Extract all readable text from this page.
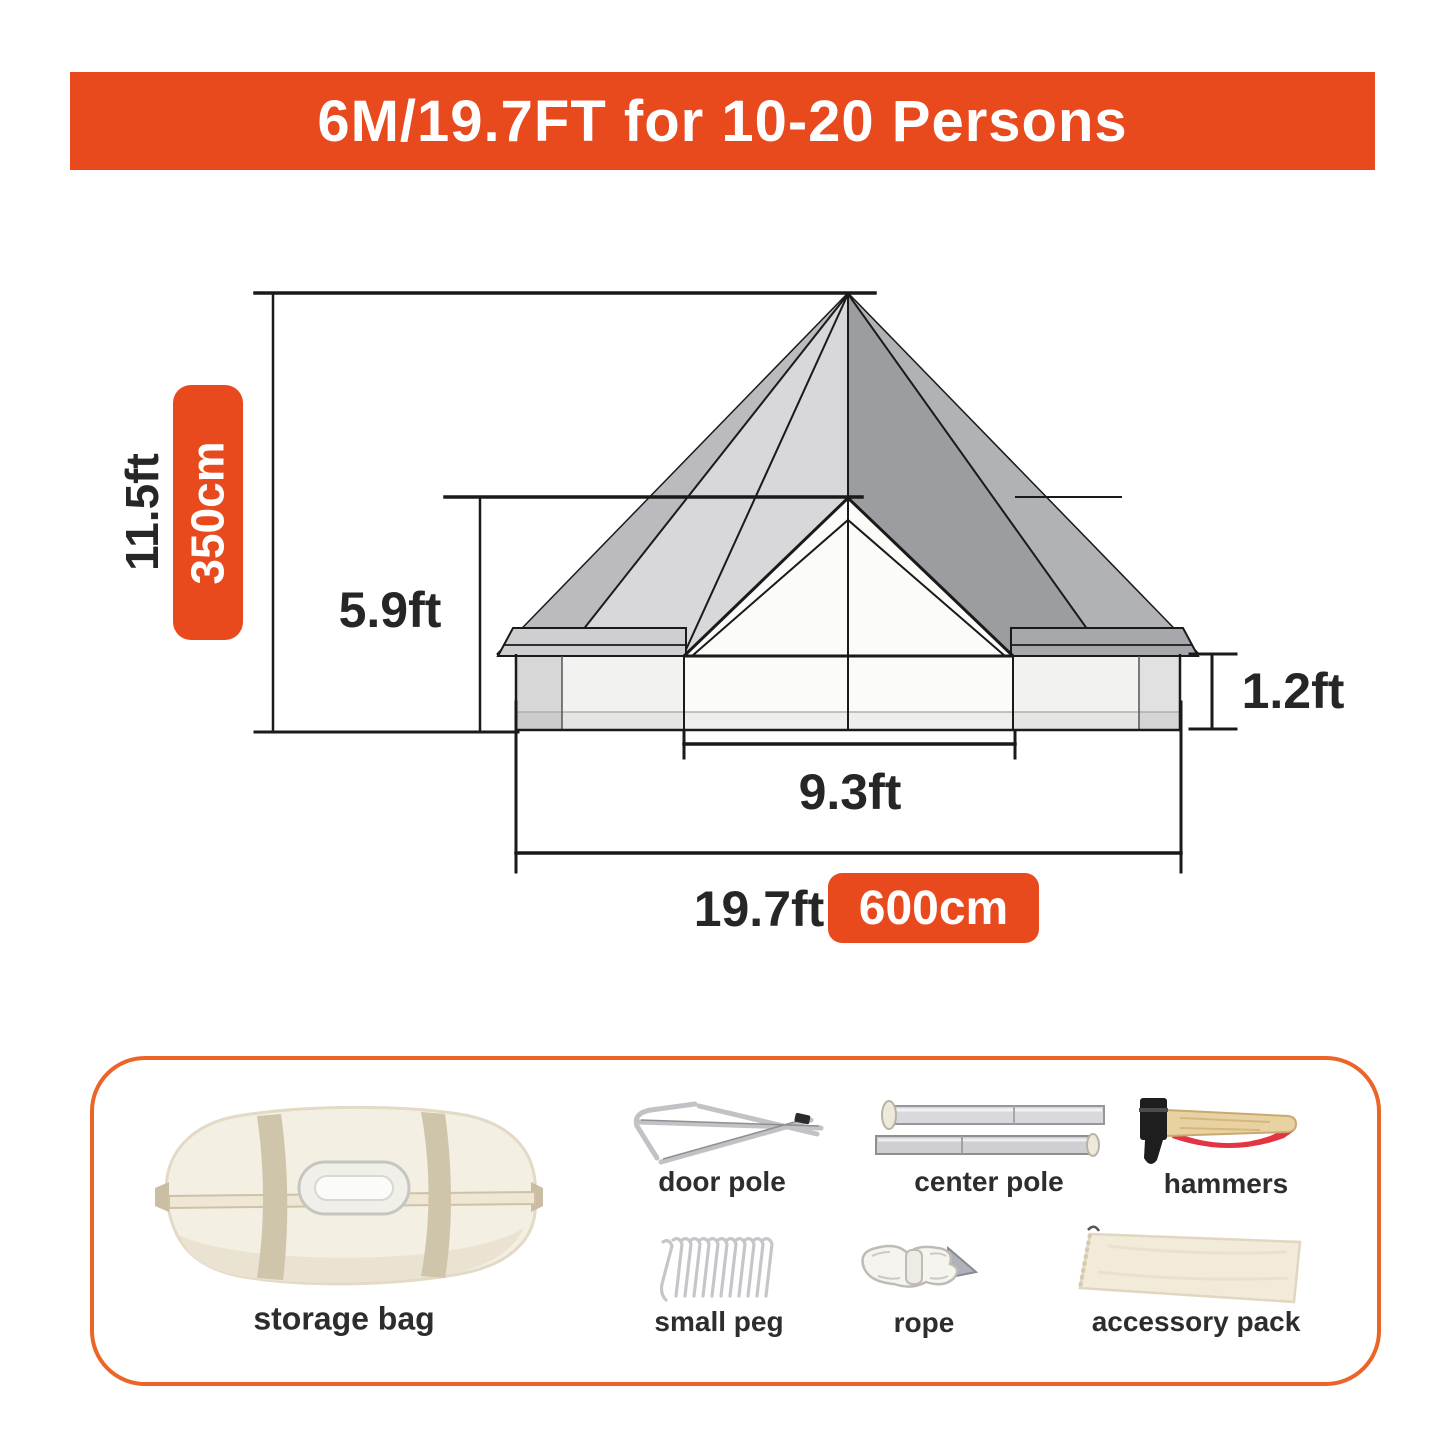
6M/19.7FT for 10-20 Persons
11.5ft 350cm
5.9ft
1.2ft
9.3ft
19.7ft 600cm
storage bag
door pole	center pole	hammers
small peg	rope	accessory pack
